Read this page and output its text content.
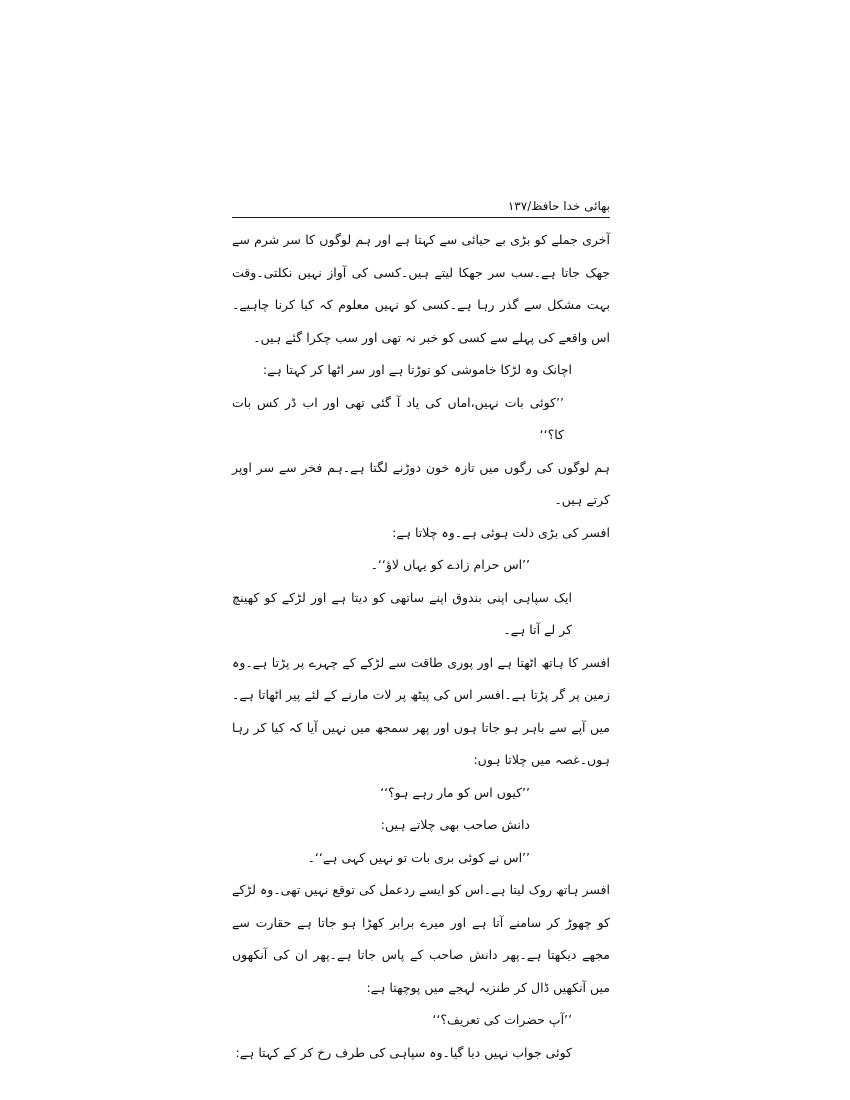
بھائی خدا حافظ/۱۳۷

آخری جملے کو بڑی بے حیائی سے کہتا ہے اور ہم لوگوں کا سر شرم سے جھک جاتا ہے۔سب سر جھکا لیتے ہیں۔کسی کی آواز نہیں نکلتی۔وقت بہت مشکل سے گذر رہا ہے۔کسی کو نہیں معلوم کہ کیا کرنا چاہیے۔اس واقعے کی پہلے سے کسی کو خبر نہ تھی اور سب چکرا گئے ہیں۔

اچانک وہ لڑکا خاموشی کو توڑتا ہے اور سر اٹھا کر کہتا ہے:

’’کوئی بات نہیں،اماں کی یاد آ گئی تھی اور اب ڈر کس بات کا؟‘‘

ہم لوگوں کی رگوں میں تازہ خون دوڑنے لگتا ہے۔ہم فخر سے سر اوپر کرتے ہیں۔

افسر کی بڑی ذلت ہوئی ہے۔وہ چلاتا ہے:

’’اس حرام زادے کو یہاں لاؤ‘‘۔

ایک سپاہی اپنی بندوق اپنے ساتھی کو دیتا ہے اور لڑکے کو کھینچ کر لے آتا ہے۔

افسر کا ہاتھ اٹھتا ہے اور پوری طاقت سے لڑکے کے چہرے پر پڑتا ہے۔وہ زمین پر گر پڑتا ہے۔افسر اس کی پیٹھ پر لات مارنے کے لئے پیر اٹھاتا ہے۔میں آپے سے باہر ہو جاتا ہوں اور پھر سمجھ میں نہیں آیا کہ کیا کر رہا ہوں۔غصہ میں چلاتا ہوں:

’’کیوں اس کو مار رہے ہو؟‘‘

دانش صاحب بھی چلاتے ہیں:

’’اس نے کوئی بری بات تو نہیں کہی ہے‘‘۔

افسر ہاتھ روک لیتا ہے۔اس کو ایسے ردعمل کی توقع نہیں تھی۔وہ لڑکے کو چھوڑ کر سامنے آتا ہے اور میرے برابر کھڑا ہو جاتا ہے حقارت سے مجھے دیکھتا ہے۔پھر دانش صاحب کے پاس جاتا ہے۔پھر ان کی آنکھوں میں آنکھیں ڈال کر طنزیہ لہجے میں پوچھتا ہے:

’’آپ حضرات کی تعریف؟‘‘

کوئی جواب نہیں دیا گیا۔وہ سپاہی کی طرف رخ کر کے کہتا ہے:
